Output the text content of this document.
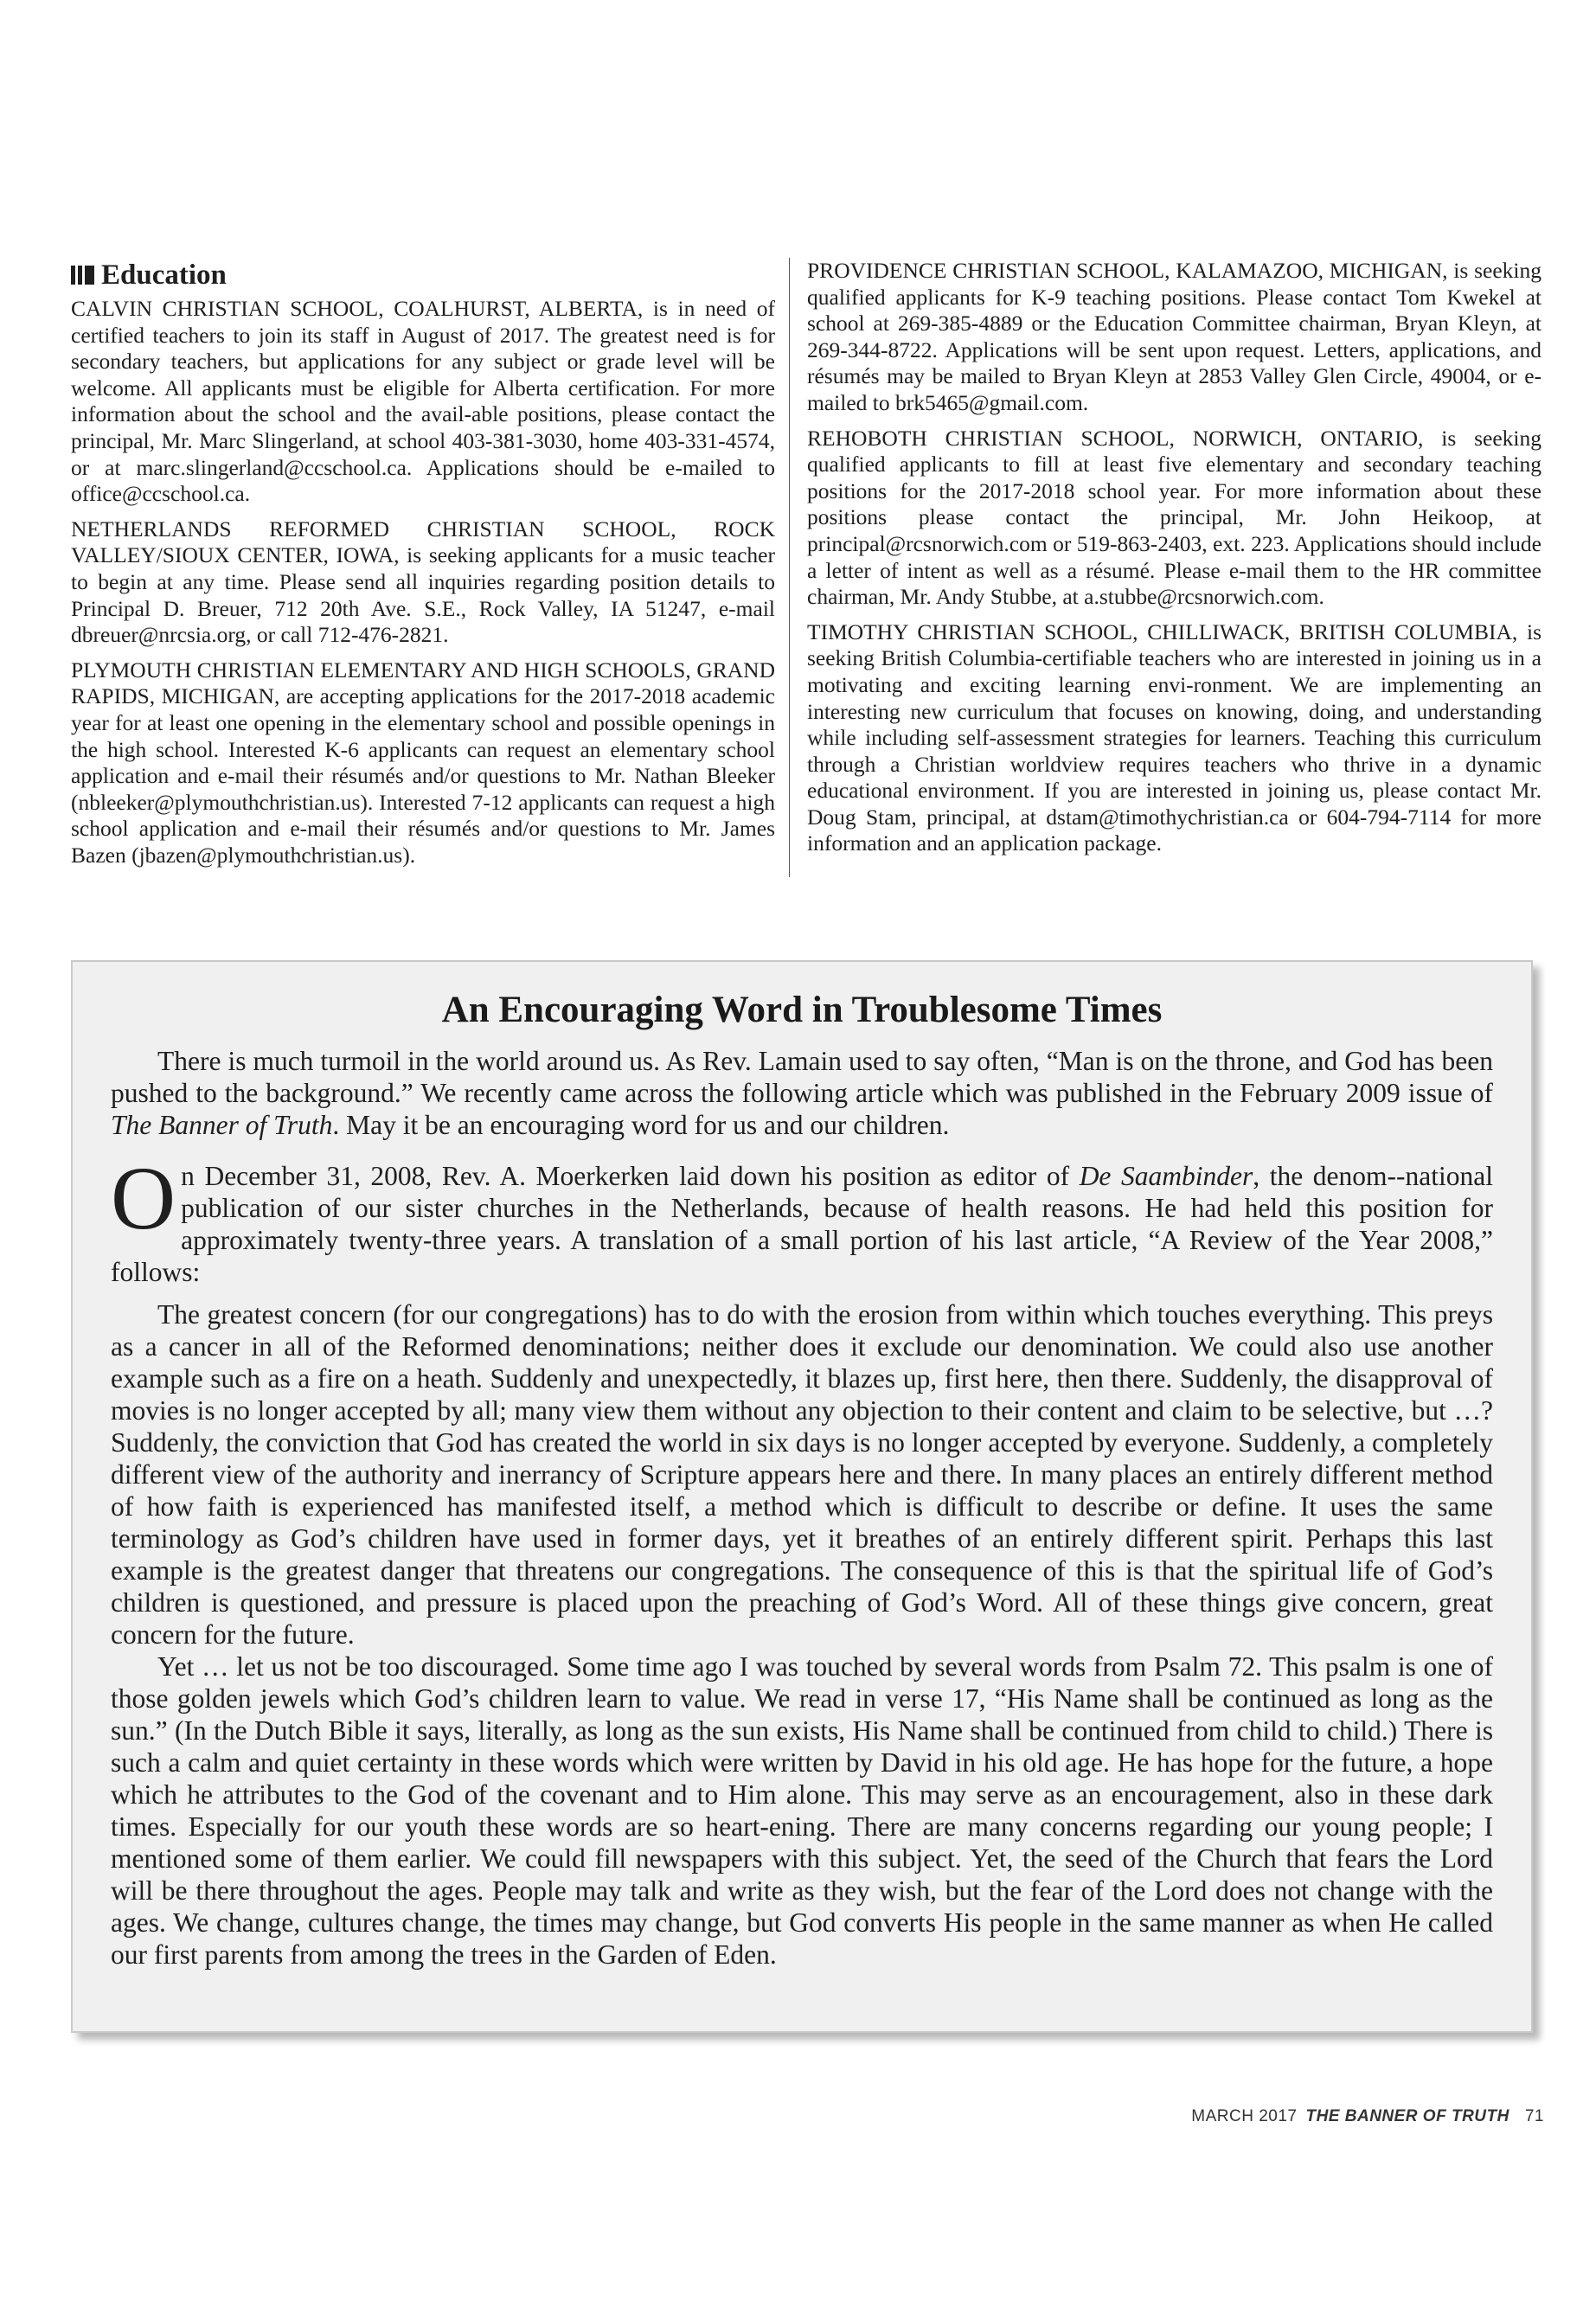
Education

CALVIN CHRISTIAN SCHOOL, COALHURST, ALBERTA, is in need of certified teachers to join its staff in August of 2017. The greatest need is for secondary teachers, but applications for any subject or grade level will be welcome. All applicants must be eligible for Alberta certification. For more information about the school and the avail-able positions, please contact the principal, Mr. Marc Slingerland, at school 403-381-3030, home 403-331-4574, or at marc.slingerland@ccschool.ca. Applications should be e-mailed to office@ccschool.ca.

NETHERLANDS REFORMED CHRISTIAN SCHOOL, ROCK VALLEY/SIOUX CENTER, IOWA, is seeking applicants for a music teacher to begin at any time. Please send all inquiries regarding position details to Principal D. Breuer, 712 20th Ave. S.E., Rock Valley, IA 51247, e-mail dbreuer@nrcsia.org, or call 712-476-2821.

PLYMOUTH CHRISTIAN ELEMENTARY AND HIGH SCHOOLS, GRAND RAPIDS, MICHIGAN, are accepting applications for the 2017-2018 academic year for at least one opening in the elementary school and possible openings in the high school. Interested K-6 applicants can request an elementary school application and e-mail their résumés and/or questions to Mr. Nathan Bleeker (nbleeker@plymouthchristian.us). Interested 7-12 applicants can request a high school application and e-mail their résumés and/or questions to Mr. James Bazen (jbazen@plymouthchristian.us).

PROVIDENCE CHRISTIAN SCHOOL, KALAMAZOO, MICHIGAN, is seeking qualified applicants for K-9 teaching positions. Please contact Tom Kwekel at school at 269-385-4889 or the Education Committee chairman, Bryan Kleyn, at 269-344-8722. Applications will be sent upon request. Letters, applications, and résumés may be mailed to Bryan Kleyn at 2853 Valley Glen Circle, 49004, or e-mailed to brk5465@gmail.com.

REHOBOTH CHRISTIAN SCHOOL, NORWICH, ONTARIO, is seeking qualified applicants to fill at least five elementary and secondary teaching positions for the 2017-2018 school year. For more information about these positions please contact the principal, Mr. John Heikoop, at principal@rcsnorwich.com or 519-863-2403, ext. 223. Applications should include a letter of intent as well as a résumé. Please e-mail them to the HR committee chairman, Mr. Andy Stubbe, at a.stubbe@rcsnorwich.com.

TIMOTHY CHRISTIAN SCHOOL, CHILLIWACK, BRITISH COLUMBIA, is seeking British Columbia-certifiable teachers who are interested in joining us in a motivating and exciting learning envi-ronment. We are implementing an interesting new curriculum that focuses on knowing, doing, and understanding while including self-assessment strategies for learners. Teaching this curriculum through a Christian worldview requires teachers who thrive in a dynamic educational environment. If you are interested in joining us, please contact Mr. Doug Stam, principal, at dstam@timothychristian.ca or 604-794-7114 for more information and an application package.

An Encouraging Word in Troublesome Times

There is much turmoil in the world around us. As Rev. Lamain used to say often, “Man is on the throne, and God has been pushed to the background.” We recently came across the following article which was published in the February 2009 issue of The Banner of Truth. May it be an encouraging word for us and our children.

On December 31, 2008, Rev. A. Moerkerken laid down his position as editor of De Saambinder, the denom--national publication of our sister churches in the Netherlands, because of health reasons. He had held this position for approximately twenty-three years. A translation of a small portion of his last article, “A Review of the Year 2008,” follows:

The greatest concern (for our congregations) has to do with the erosion from within which touches everything. This preys as a cancer in all of the Reformed denominations; neither does it exclude our denomination. We could also use another example such as a fire on a heath. Suddenly and unexpectedly, it blazes up, first here, then there. Suddenly, the disapproval of movies is no longer accepted by all; many view them without any objection to their content and claim to be selective, but …? Suddenly, the conviction that God has created the world in six days is no longer accepted by everyone. Suddenly, a completely different view of the authority and inerrancy of Scripture appears here and there. In many places an entirely different method of how faith is experienced has manifested itself, a method which is difficult to describe or define. It uses the same terminology as God’s children have used in former days, yet it breathes of an entirely different spirit. Perhaps this last example is the greatest danger that threatens our congregations. The consequence of this is that the spiritual life of God’s children is questioned, and pressure is placed upon the preaching of God’s Word. All of these things give concern, great concern for the future.

Yet … let us not be too discouraged. Some time ago I was touched by several words from Psalm 72. This psalm is one of those golden jewels which God’s children learn to value. We read in verse 17, “His Name shall be continued as long as the sun.” (In the Dutch Bible it says, literally, as long as the sun exists, His Name shall be continued from child to child.) There is such a calm and quiet certainty in these words which were written by David in his old age. He has hope for the future, a hope which he attributes to the God of the covenant and to Him alone. This may serve as an encouragement, also in these dark times. Especially for our youth these words are so heart-ening. There are many concerns regarding our young people; I mentioned some of them earlier. We could fill newspapers with this subject. Yet, the seed of the Church that fears the Lord will be there throughout the ages. People may talk and write as they wish, but the fear of the Lord does not change with the ages. We change, cultures change, the times may change, but God converts His people in the same manner as when He called our first parents from among the trees in the Garden of Eden.

MARCH 2017 THE BANNER OF TRUTH 71
